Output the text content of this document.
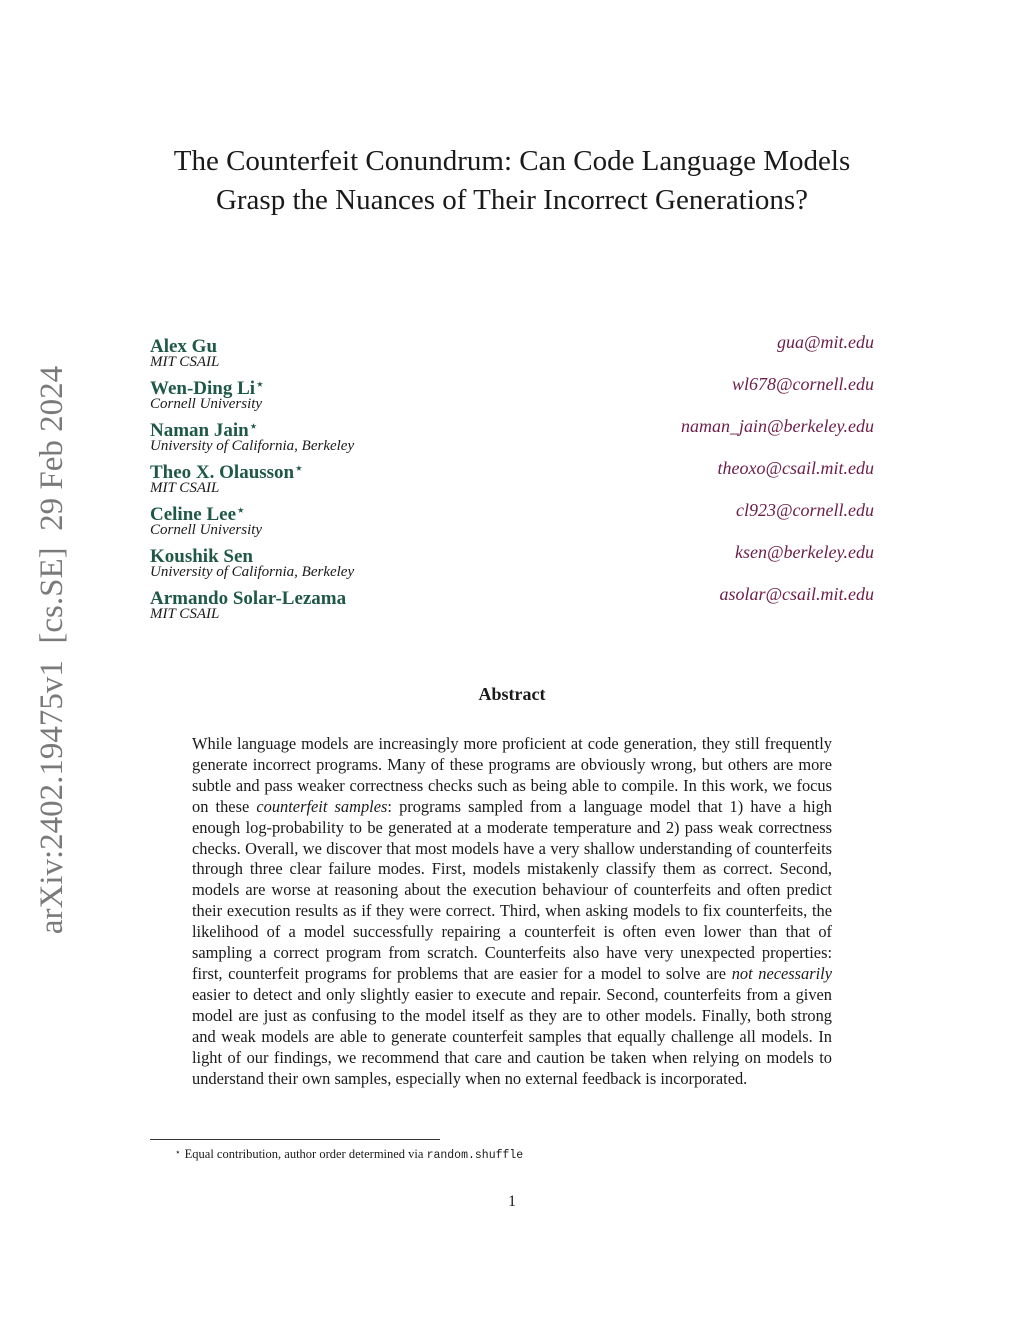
arXiv:2402.19475v1  [cs.SE]  29 Feb 2024
The Counterfeit Conundrum: Can Code Language Models Grasp the Nuances of Their Incorrect Generations?
Alex Gu
MIT CSAIL
gua@mit.edu
Wen-Ding Li⋆
Cornell University
wl678@cornell.edu
Naman Jain⋆
University of California, Berkeley
naman_jain@berkeley.edu
Theo X. Olausson⋆
MIT CSAIL
theoxo@csail.mit.edu
Celine Lee⋆
Cornell University
cl923@cornell.edu
Koushik Sen
University of California, Berkeley
ksen@berkeley.edu
Armando Solar-Lezama
MIT CSAIL
asolar@csail.mit.edu
Abstract
While language models are increasingly more proficient at code generation, they still frequently generate incorrect programs. Many of these programs are obviously wrong, but others are more subtle and pass weaker correctness checks such as being able to compile. In this work, we focus on these counterfeit samples: programs sampled from a language model that 1) have a high enough log-probability to be generated at a moderate temperature and 2) pass weak correctness checks. Overall, we discover that most models have a very shallow understanding of counterfeits through three clear failure modes. First, models mistakenly classify them as correct. Second, models are worse at reasoning about the execution behaviour of counterfeits and often predict their execution results as if they were correct. Third, when asking models to fix counterfeits, the likelihood of a model successfully repairing a counterfeit is often even lower than that of sampling a correct program from scratch. Counterfeits also have very unexpected properties: first, counterfeit programs for problems that are easier for a model to solve are not necessarily easier to detect and only slightly easier to execute and repair. Second, counterfeits from a given model are just as confusing to the model itself as they are to other models. Finally, both strong and weak models are able to generate counterfeit samples that equally challenge all models. In light of our findings, we recommend that care and caution be taken when relying on models to understand their own samples, especially when no external feedback is incorporated.
⋆ Equal contribution, author order determined via random.shuffle
1
